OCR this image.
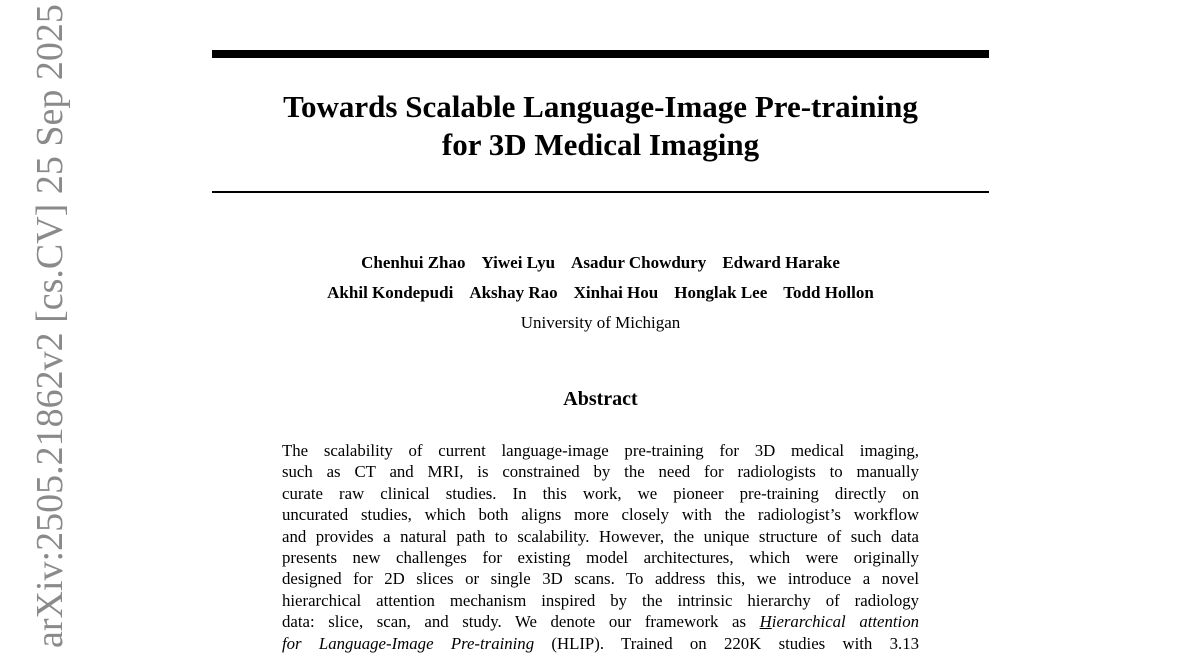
Towards Scalable Language-Image Pre-training
for 3D Medical Imaging
Chenhui Zhao Yiwei Lyu Asadur Chowdury Edward Harake
Akhil Kondepudi Akshay Rao Xinhai Hou Honglak Lee Todd Hollon
University of Michigan
Abstract
The scalability of current language-image pre-training for 3D medical imaging,
such as CT and MRI, is constrained by the need for radiologists to manually
curate raw clinical studies. In this work, we pioneer pre-training directly on
uncurated studies, which both aligns more closely with the radiologist’s workflow
and provides a natural path to scalability. However, the unique structure of such data
presents new challenges for existing model architectures, which were originally
designed for 2D slices or single 3D scans. To address this, we introduce a novel
hierarchical attention mechanism inspired by the intrinsic hierarchy of radiology
data: slice, scan, and study. We denote our framework as Hierarchical attention
for Language-Image Pre-training (HLIP). Trained on 220K studies with 3.13
arXiv:2505.21862v2 [cs.CV] 25 Sep 2025
